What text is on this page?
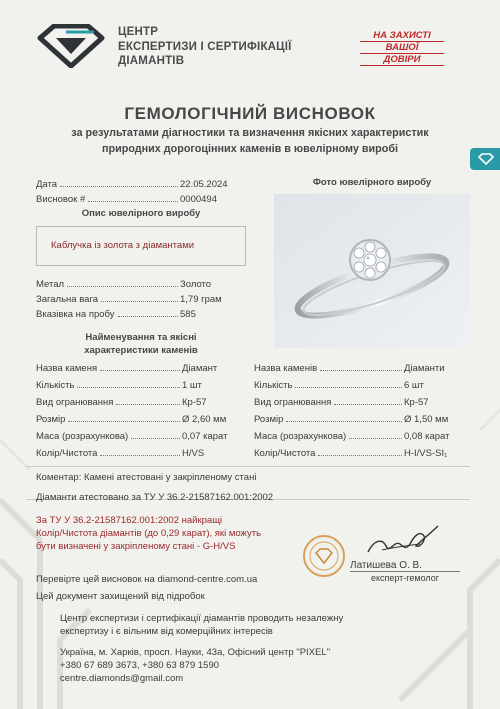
ЦЕНТР
ЕКСПЕРТИЗИ І СЕРТИФІКАЦІЇ
ДІАМАНТІВ
НА ЗАХИСТІ
ВАШОЇ
ДОВІРИ
ГЕМОЛОГІЧНИЙ ВИСНОВОК
за результатами діагностики та визначення якісних характеристик
природних дорогоцінних каменів в ювелірному виробі
Дата	22.05.2024
Висновок #	0000494
Опис ювелірного виробу
Каблучка із золота з діамантами
Метал	Золото
Загальна вага	1,79 грам
Вказівка на пробу	585
Фото ювелірного виробу
Найменування та якісні
характеристики каменів
Назва каменя	Діамант
Кількість	1 шт
Вид огранювання	Кр-57
Розмір	Ø 2,60 мм
Маса (розрахункова)	0,07 карат
Колір/Чистота	H/VS
Назва каменів	Діаманти
Кількість	6 шт
Вид огранювання	Кр-57
Розмір	Ø 1,50 мм
Маса (розрахункова)	0,08 карат
Колір/Чистота	H-I/VS-SI₁
Коментар: Камені атестовані у закріпленому стані
Діаманти атестовано за ТУ У 36.2-21587162.001:2002
За ТУ У 36.2-21587162.001:2002 найкращі
Колір/Чистота діамантів (до 0,29 карат), які можуть
бути визначені у закріпленому стані - G-H/VS
Перевірте цей висновок на diamond-centre.com.ua
Цей документ захищений від підробок
Латишева О. В.
експерт-гемолог
Центр експертизи і сертифікації діамантів проводить незалежну
експертизу і є вільним від комерційних інтересів
Україна, м. Харків, просп. Науки, 43а, Офісний центр "PIXEL"
+380 67 689 3673, +380 63 879 1590
centre.diamonds@gmail.com
